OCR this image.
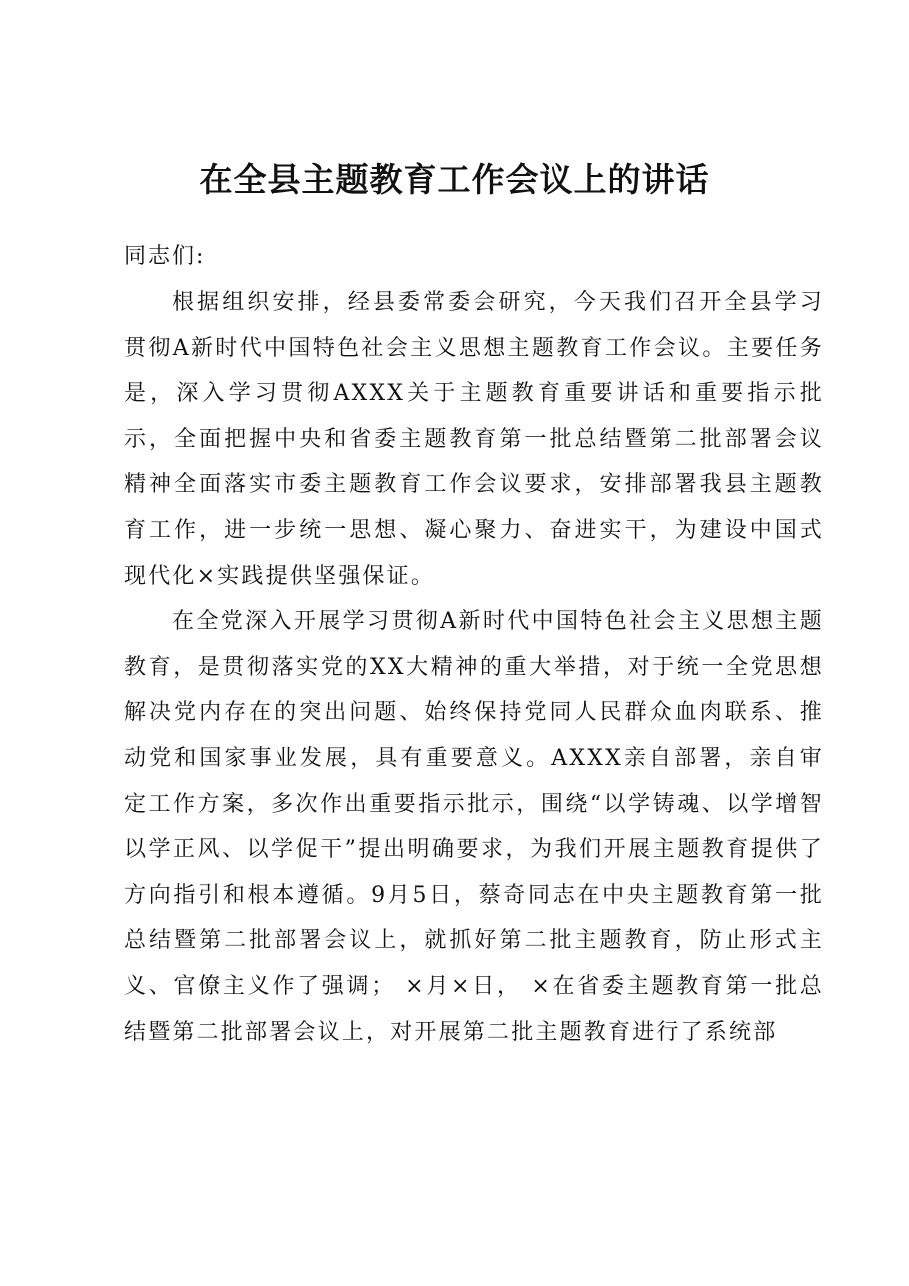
在全县主题教育工作会议上的讲话

同志们:

根据组织安排，经县委常委会研究，今天我们召开全县学习贯彻A新时代中国特色社会主义思想主题教育工作会议。主要任务是，深入学习贯彻AXXX关于主题教育重要讲话和重要指示批示，全面把握中央和省委主题教育第一批总结暨第二批部署会议精神全面落实市委主题教育工作会议要求，安排部署我县主题教育工作，进一步统一思想、凝心聚力、奋进实干，为建设中国式现代化×实践提供坚强保证。

在全党深入开展学习贯彻A新时代中国特色社会主义思想主题教育，是贯彻落实党的XX大精神的重大举措，对于统一全党思想解决党内存在的突出问题、始终保持党同人民群众血肉联系、推动党和国家事业发展，具有重要意义。AXXX亲自部署，亲自审定工作方案，多次作出重要指示批示，围绕“以学铸魂、以学增智以学正风、以学促干”提出明确要求，为我们开展主题教育提供了方向指引和根本遵循。9月5日，蔡奇同志在中央主题教育第一批总结暨第二批部署会议上，就抓好第二批主题教育，防止形式主义、官僚主义作了强调； ×月×日， ×在省委主题教育第一批总结暨第二批部署会议上，对开展第二批主题教育进行了系统部
